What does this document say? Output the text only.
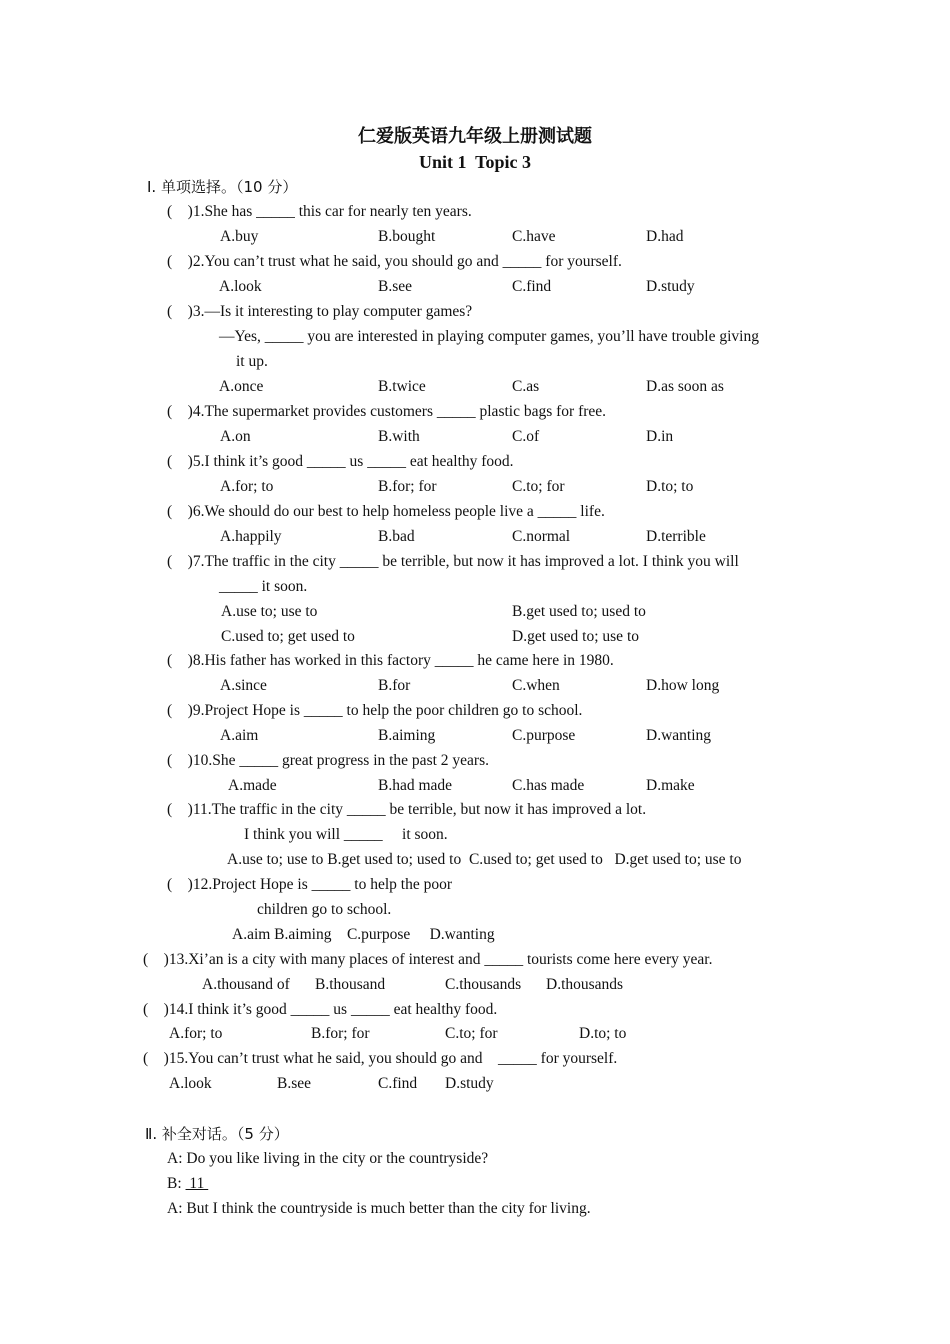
仁爱版英语九年级上册测试题
Unit 1  Topic 3
Ⅰ. 单项选择。（10 分）
(    )1.She has _____ this car for nearly ten years.
A.buy	B.bought	C.have	D.had
(    )2.You can’t trust what he said, you should go and _____ for yourself.
A.look	B.see	C.find	D.study
(    )3.—Is it interesting to play computer games?
—Yes, _____ you are interested in playing computer games, you’ll have trouble giving
it up.
A.once	B.twice	C.as	D.as soon as
(    )4.The supermarket provides customers _____ plastic bags for free.
A.on	B.with	C.of	D.in
(    )5.I think it’s good _____ us _____ eat healthy food.
A.for; to	B.for; for	C.to; for	D.to; to
(    )6.We should do our best to help homeless people live a _____ life.
A.happily	B.bad	C.normal	D.terrible
(    )7.The traffic in the city _____ be terrible, but now it has improved a lot. I think you will
_____ it soon.
A.use to; use to	B.get used to; used to
C.used to; get used to	D.get used to; use to
(    )8.His father has worked in this factory _____ he came here in 1980.
A.since	B.for	C.when	D.how long
(    )9.Project Hope is _____ to help the poor children go to school.
A.aim	B.aiming	C.purpose	D.wanting
(    )10.She _____ great progress in the past 2 years.
A.made	B.had made	C.has made	D.make
(    )11.The traffic in the city _____ be terrible, but now it has improved a lot.
I think you will _____     it soon.
A.use to; use to B.get used to; used to  C.used to; get used to   D.get used to; use to
(    )12.Project Hope is _____ to help the poor
children go to school.
A.aim B.aiming    C.purpose     D.wanting
(    )13.Xi’an is a city with many places of interest and _____ tourists come here every year.
A.thousand of B.thousand	C.thousands D.thousands
(    )14.I think it’s good _____ us _____ eat healthy food.
A.for; to	B.for; for	C.to; for	D.to; to
(    )15.You can’t trust what he said, you should go and    _____ for yourself.
A.look	B.see	C.find D.study
Ⅱ. 补全对话。（5 分）
A: Do you like living in the city or the countryside?
B:  11
A: But I think the countryside is much better than the city for living.
